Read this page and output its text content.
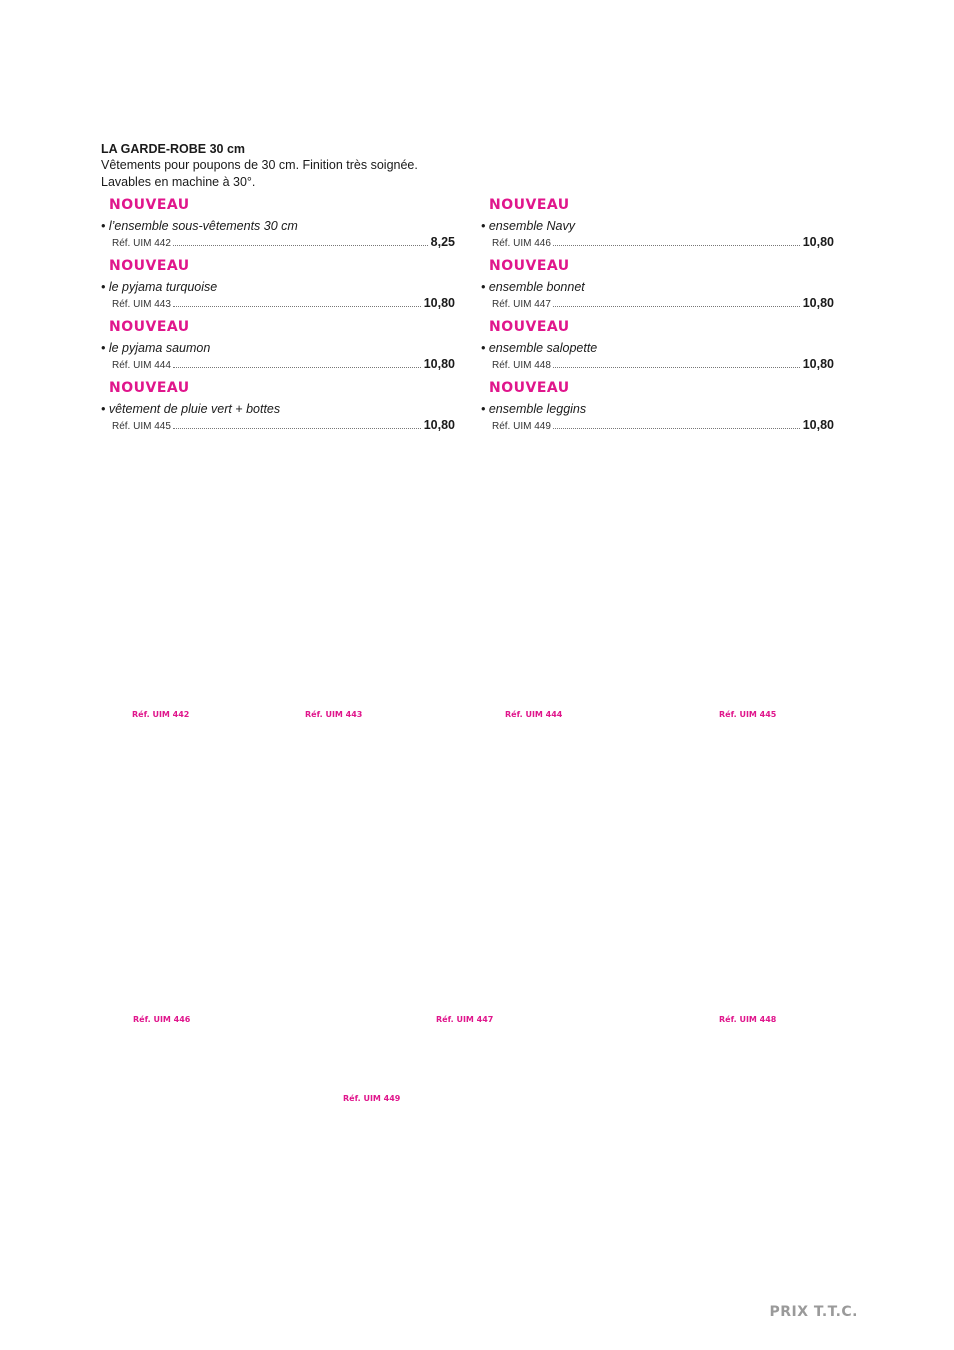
LA GARDE-ROBE 30 cm
Vêtements pour poupons de 30 cm. Finition très soignée.
Lavables en machine à 30°.
NOUVEAU
• l’ensemble sous-vêtements 30 cm
Réf. UIM 442	8,25
NOUVEAU
• le pyjama turquoise
Réf. UIM 443	10,80
NOUVEAU
• le pyjama saumon
Réf. UIM 444	10,80
NOUVEAU
• vêtement de pluie vert + bottes
Réf. UIM 445	10,80
NOUVEAU
• ensemble Navy
Réf. UIM 446	10,80
NOUVEAU
• ensemble bonnet
Réf. UIM 447	10,80
NOUVEAU
• ensemble salopette
Réf. UIM 448	10,80
NOUVEAU
• ensemble leggins
Réf. UIM 449	10,80
Réf. UIM 442	Réf. UIM 443	Réf. UIM 444	Réf. UIM 445
Réf. UIM 446	Réf. UIM 447	Réf. UIM 448
Réf. UIM 449
PRIX T.T.C.
